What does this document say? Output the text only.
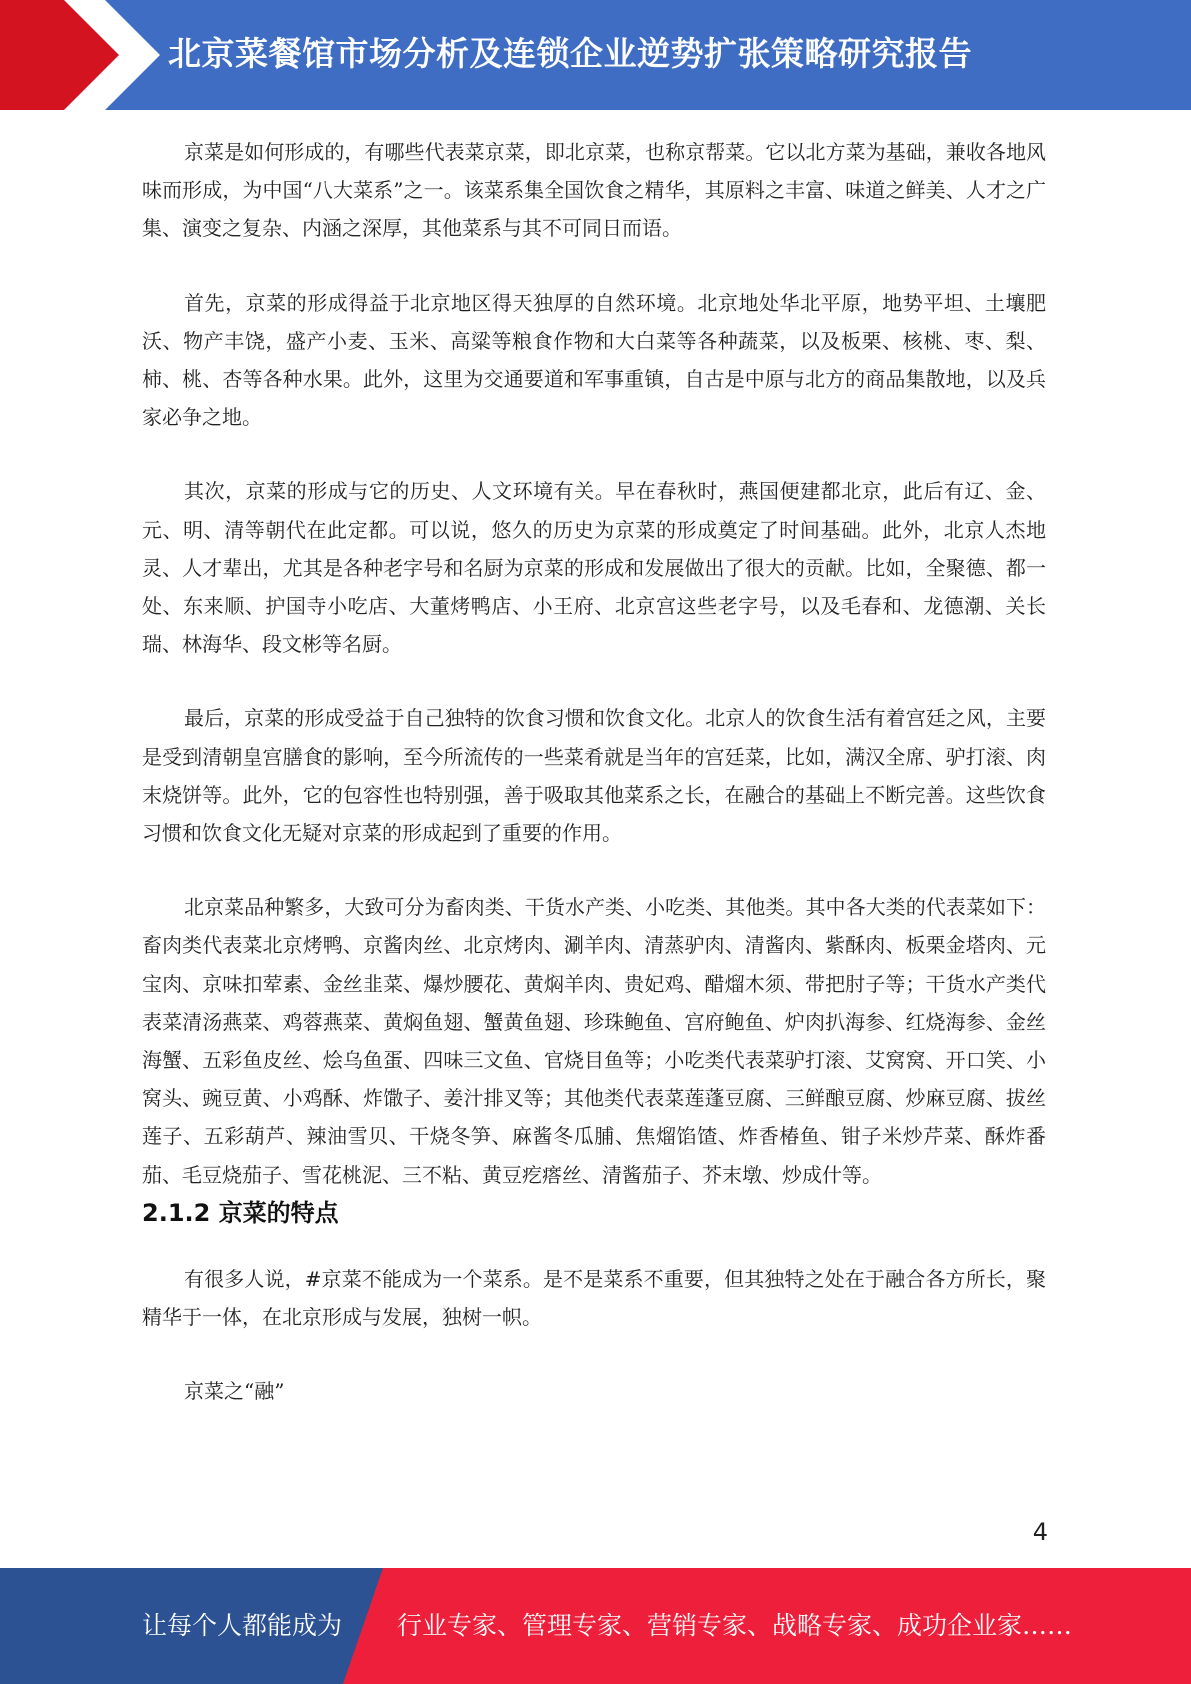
北京菜餐馆市场分析及连锁企业逆势扩张策略研究报告

京菜是如何形成的，有哪些代表菜京菜，即北京菜，也称京帮菜。它以北方菜为基础，兼收各地风味而形成，为中国“八大菜系”之一。该菜系集全国饮食之精华，其原料之丰富、味道之鲜美、人才之广集、演变之复杂、内涵之深厚，其他菜系与其不可同日而语。

首先，京菜的形成得益于北京地区得天独厚的自然环境。北京地处华北平原，地势平坦、土壤肥沃、物产丰饶，盛产小麦、玉米、高粱等粮食作物和大白菜等各种蔬菜，以及板栗、核桃、枣、梨、柿、桃、杏等各种水果。此外，这里为交通要道和军事重镇，自古是中原与北方的商品集散地，以及兵家必争之地。

其次，京菜的形成与它的历史、人文环境有关。早在春秋时，燕国便建都北京，此后有辽、金、元、明、清等朝代在此定都。可以说，悠久的历史为京菜的形成奠定了时间基础。此外，北京人杰地灵、人才辈出，尤其是各种老字号和名厨为京菜的形成和发展做出了很大的贡献。比如，全聚德、都一处、东来顺、护国寺小吃店、大董烤鸭店、小王府、北京宫这些老字号，以及毛春和、龙德潮、关长瑞、林海华、段文彬等名厨。

最后，京菜的形成受益于自己独特的饮食习惯和饮食文化。北京人的饮食生活有着宫廷之风，主要是受到清朝皇宫膳食的影响，至今所流传的一些菜肴就是当年的宫廷菜，比如，满汉全席、驴打滚、肉末烧饼等。此外，它的包容性也特别强，善于吸取其他菜系之长，在融合的基础上不断完善。这些饮食习惯和饮食文化无疑对京菜的形成起到了重要的作用。

北京菜品种繁多，大致可分为畜肉类、干货水产类、小吃类、其他类。其中各大类的代表菜如下：畜肉类代表菜北京烤鸭、京酱肉丝、北京烤肉、涮羊肉、清蒸驴肉、清酱肉、紫酥肉、板栗金塔肉、元宝肉、京味扣荤素、金丝韭菜、爆炒腰花、黄焖羊肉、贵妃鸡、醋熘木须、带把肘子等；干货水产类代表菜清汤燕菜、鸡蓉燕菜、黄焖鱼翅、蟹黄鱼翅、珍珠鲍鱼、宫府鲍鱼、炉肉扒海参、红烧海参、金丝海蟹、五彩鱼皮丝、烩乌鱼蛋、四味三文鱼、官烧目鱼等；小吃类代表菜驴打滚、艾窝窝、开口笑、小窝头、豌豆黄、小鸡酥、炸馓子、姜汁排叉等；其他类代表菜莲蓬豆腐、三鲜酿豆腐、炒麻豆腐、拔丝莲子、五彩葫芦、辣油雪贝、干烧冬笋、麻酱冬瓜脯、焦熘馅馇、炸香椿鱼、钳子米炒芹菜、酥炸番茄、毛豆烧茄子、雪花桃泥、三不粘、黄豆疙瘩丝、清酱茄子、芥末墩、炒成什等。

2.1.2 京菜的特点

有很多人说，#京菜不能成为一个菜系。是不是菜系不重要，但其独特之处在于融合各方所长，聚精华于一体，在北京形成与发展，独树一帜。

京菜之“融”

4
让每个人都能成为 行业专家、管理专家、营销专家、战略专家、成功企业家……
